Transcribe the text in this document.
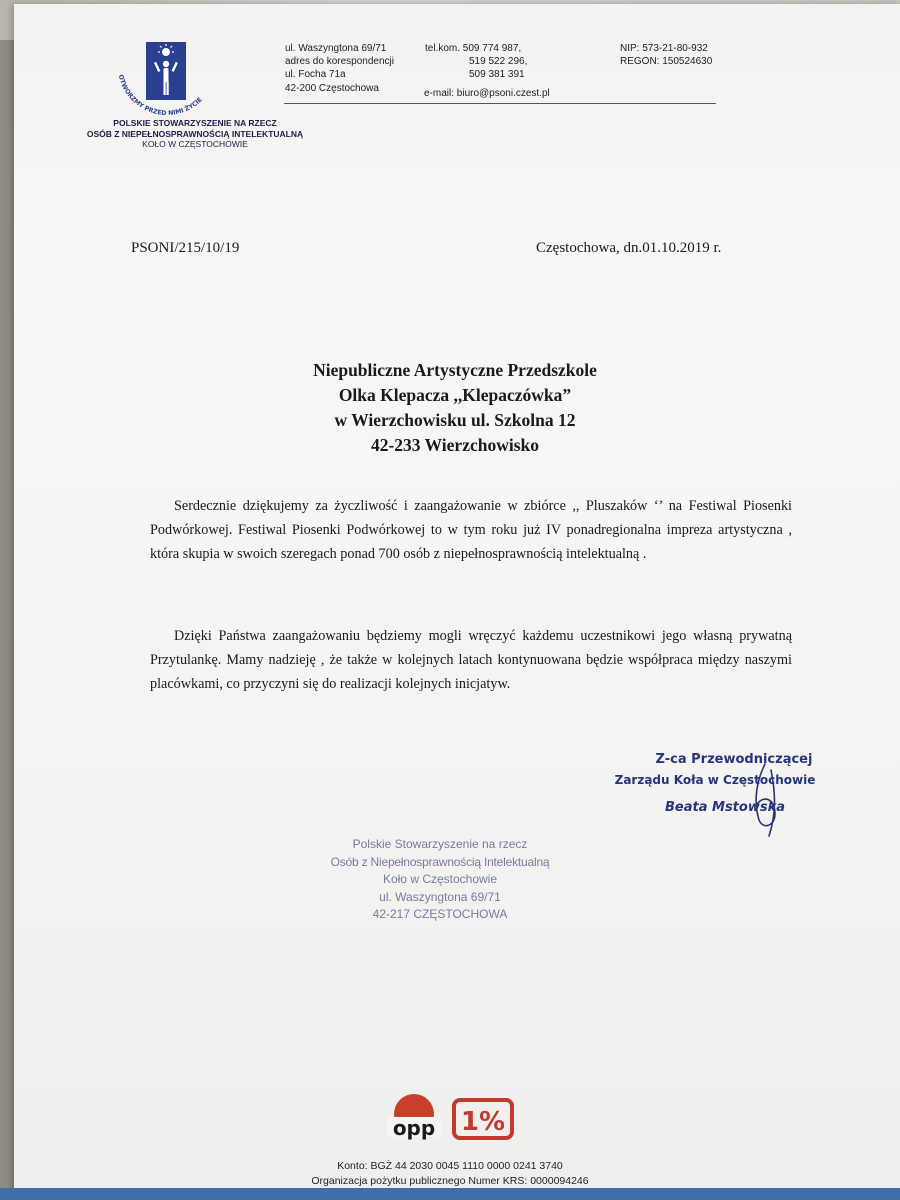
OTWÓRZMY PRZED NIMI ŻYCIE
POLSKIE STOWARZYSZENIE NA RZECZ
OSÓB Z NIEPEŁNOSPRAWNOŚCIĄ INTELEKTUALNĄ
KOŁO W CZĘSTOCHOWIE
ul. Waszyngtona 69/71
adres do korespondencji
ul. Focha 71a
42-200 Częstochowa
tel.kom. 509 774 987,
519 522 296,
509 381 391
e-mail: biuro@psoni.czest.pl
NIP: 573-21-80-932
REGON: 150524630
PSONI/215/10/19	Częstochowa, dn.01.10.2019 r.
Niepubliczne Artystyczne Przedszkole
Olka Klepacza ,,Klepaczówka”
w Wierzchowisku ul. Szkolna 12
42-233 Wierzchowisko
Serdecznie dziękujemy za życzliwość i zaangażowanie w zbiórce ,, Pluszaków ‘’ na Festiwal Piosenki Podwórkowej. Festiwal Piosenki Podwórkowej to w tym roku już IV ponadregionalna impreza artystyczna , która skupia w swoich szeregach ponad 700 osób z niepełnosprawnością intelektualną .
Dzięki Państwa zaangażowaniu będziemy mogli wręczyć każdemu uczestnikowi jego własną prywatną Przytulankę. Mamy nadzieję , że także w kolejnych latach kontynuowana będzie współpraca między naszymi placówkami, co przyczyni się do realizacji kolejnych inicjatyw.
Z-ca Przewodniczącej
Zarządu Koła w Częstochowie
Beata Mstowska
Polskie Stowarzyszenie na rzecz
Osób z Niepełnosprawnością Intelektualną
Koło w Częstochowie
ul. Waszyngtona 69/71
42-217 CZĘSTOCHOWA
opp 1%
Konto: BGŻ 44 2030 0045 1110 0000 0241 3740
Organizacja pożytku publicznego Numer KRS: 0000094246
